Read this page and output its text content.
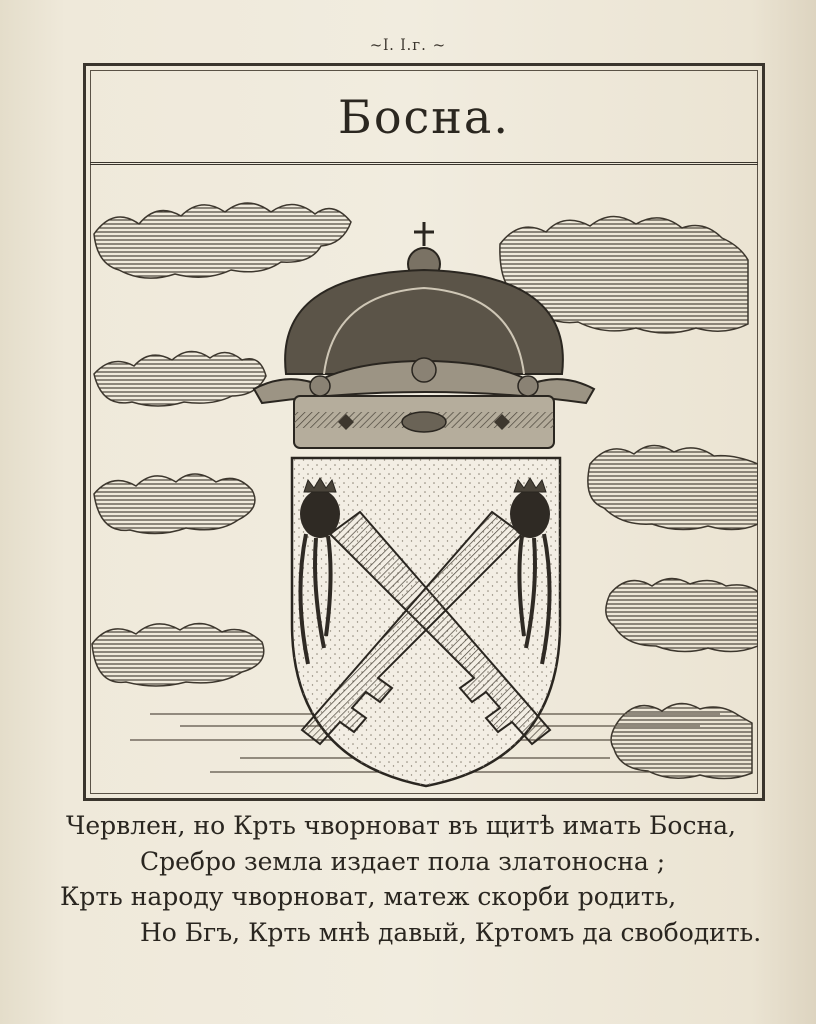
~ӏ. ӏ.г. ~
Босна.
Червлен, но Крть чворноват въ щитѣ имать Босна,
Сребро земла издает пола златоносна ;
Крть народу чворноват, матеж скорби родить,
Но Бгъ, Крть мнѣ давый, Кртомъ да свободить.
